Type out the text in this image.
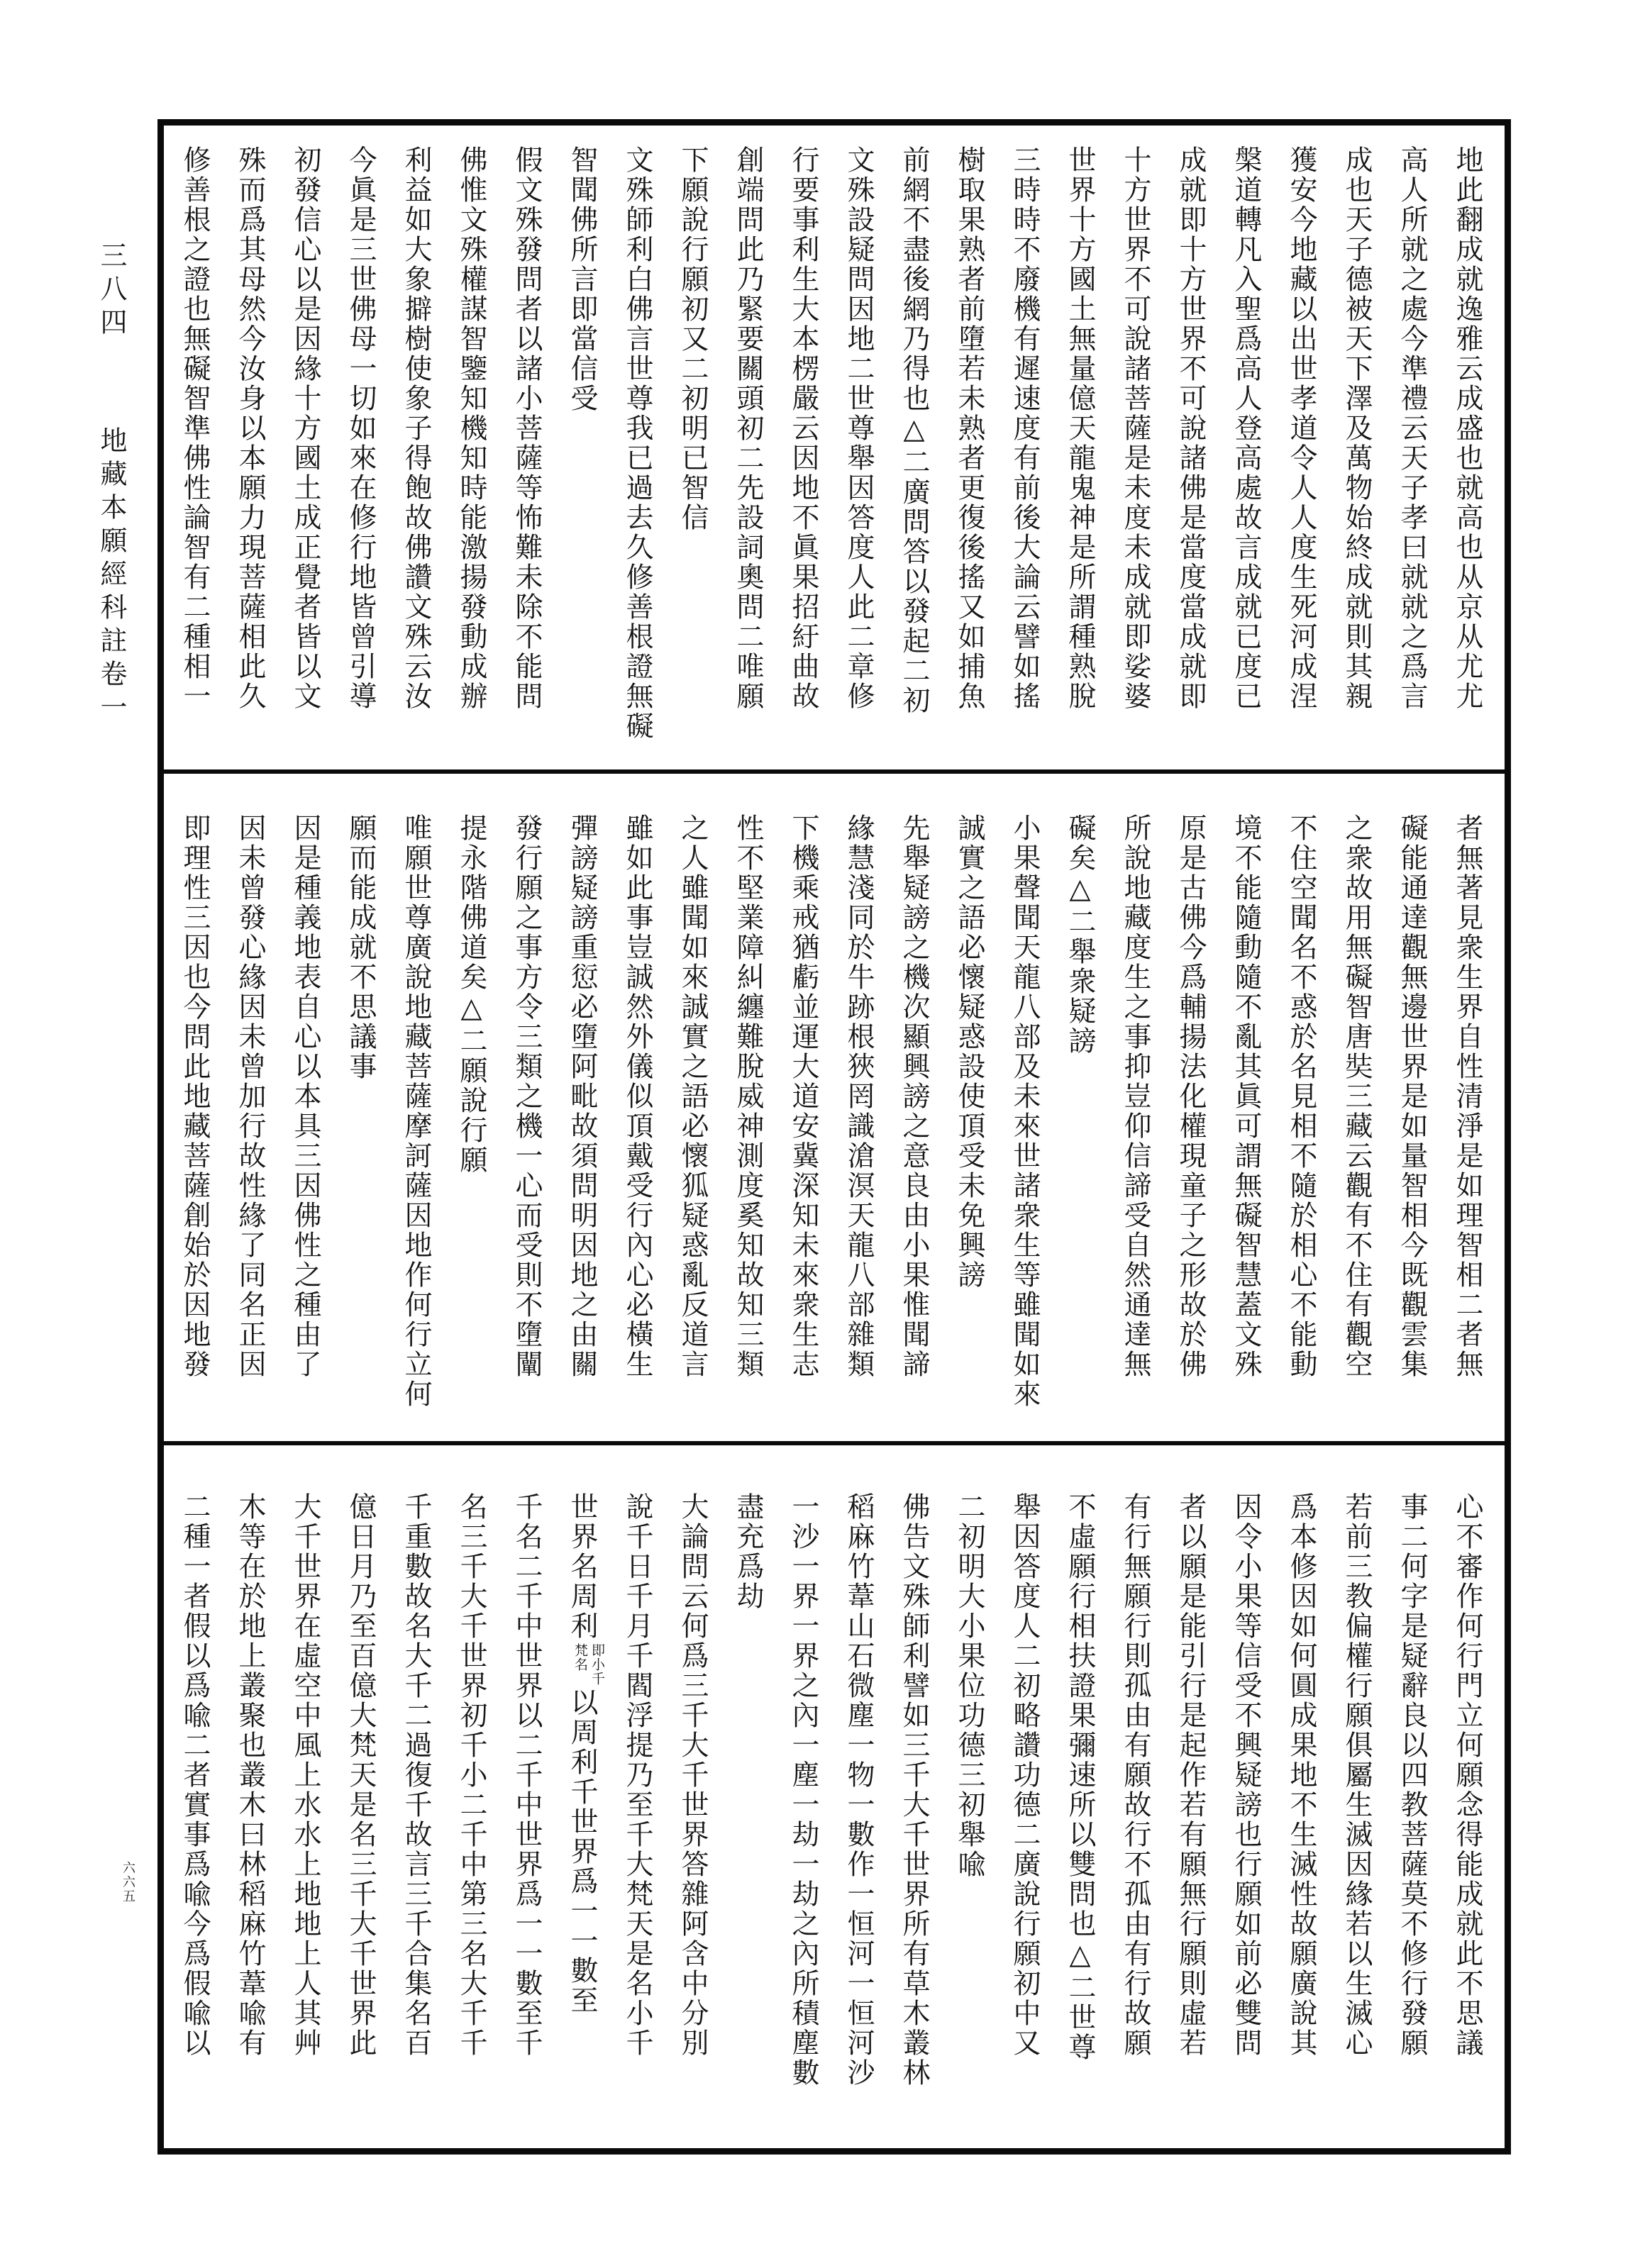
三八四地藏本願經科註卷一
六六五
地此翻成就逸雅云成盛也就高也从京从尤尤
高人所就之處今準禮云天子孝曰就就之爲言
成也天子德被天下澤及萬物始終成就則其親
獲安今地藏以出世孝道令人人度生死河成涅
槃道轉凡入聖爲高人登高處故言成就已度已
成就即十方世界不可說諸佛是當度當成就即
十方世界不可說諸菩薩是未度未成就即娑婆
世界十方國土無量億天龍鬼神是所謂種熟脫
三時時不廢機有遲速度有前後大論云譬如搖
樹取果熟者前墮若未熟者更復後搖又如捕魚
前網不盡後網乃得也△二廣問答以發起二初
文殊設疑問因地二世尊舉因答度人此二章修
行要事利生大本楞嚴云因地不眞果招紆曲故
創端問此乃緊要關頭初二先設詞奧問二唯願
下願說行願初又二初明已智信
文殊師利白佛言世尊我已過去久修善根證無礙
智聞佛所言即當信受
假文殊發問者以諸小菩薩等怖難未除不能問
佛惟文殊權謀智鑒知機知時能激揚發動成辦
利益如大象擗樹使象子得飽故佛讚文殊云汝
今眞是三世佛母一切如來在修行地皆曾引導
初發信心以是因緣十方國土成正覺者皆以文
殊而爲其母然今汝身以本願力現菩薩相此久
修善根之證也無礙智準佛性論智有二種相一
者無著見衆生界自性清淨是如理智相二者無
礙能通達觀無邊世界是如量智相今既觀雲集
之衆故用無礙智唐奘三藏云觀有不住有觀空
不住空聞名不惑於名見相不隨於相心不能動
境不能隨動隨不亂其眞可謂無礙智慧蓋文殊
原是古佛今爲輔揚法化權現童子之形故於佛
所說地藏度生之事抑豈仰信諦受自然通達無
礙矣△二舉衆疑謗
小果聲聞天龍八部及未來世諸衆生等雖聞如來
誠實之語必懷疑惑設使頂受未免興謗
先舉疑謗之機次顯興謗之意良由小果惟聞諦
緣慧淺同於牛跡根狹罔識滄溟天龍八部雜類
下機乘戒猶虧並運大道安冀深知未來衆生志
性不堅業障糾纏難脫威神測度奚知故知三類
之人雖聞如來誠實之語必懷狐疑惑亂反道言
雖如此事豈誠然外儀似頂戴受行內心必橫生
彈謗疑謗重愆必墮阿毗故須問明因地之由關
發行願之事方令三類之機一心而受則不墮闡
提永階佛道矣△二願說行願
唯願世尊廣說地藏菩薩摩訶薩因地作何行立何
願而能成就不思議事
因是種義地表自心以本具三因佛性之種由了
因未曾發心緣因未曾加行故性緣了同名正因
即理性三因也今問此地藏菩薩創始於因地發
心不審作何行門立何願念得能成就此不思議
事二何字是疑辭良以四教菩薩莫不修行發願
若前三教偏權行願俱屬生滅因緣若以生滅心
爲本修因如何圓成果地不生滅性故願廣說其
因令小果等信受不興疑謗也行願如前必雙問
者以願是能引行是起作若有願無行願則虛若
有行無願行則孤由有願故行不孤由有行故願
不虛願行相扶證果彌速所以雙問也△二世尊
舉因答度人二初略讚功德二廣說行願初中又
二初明大小果位功德三初舉喩
佛告文殊師利譬如三千大千世界所有草木叢林
稻麻竹葦山石微塵一物一數作一恒河一恒河沙
一沙一界一界之內一塵一劫一劫之內所積塵數
盡充爲劫
大論問云何爲三千大千世界答雜阿含中分別
說千日千月千閻浮提乃至千大梵天是名小千
世界名周利即小千
梵名以周利千世界爲一一數至
千名二千中世界以二千中世界爲一一數至千
名三千大千世界初千小二千中第三名大千千
千重數故名大千二過復千故言三千合集名百
億日月乃至百億大梵天是名三千大千世界此
大千世界在虛空中風上水水上地地上人其艸
木等在於地上叢聚也叢木曰林稻麻竹葦喩有
二種一者假以爲喩二者實事爲喩今爲假喩以
